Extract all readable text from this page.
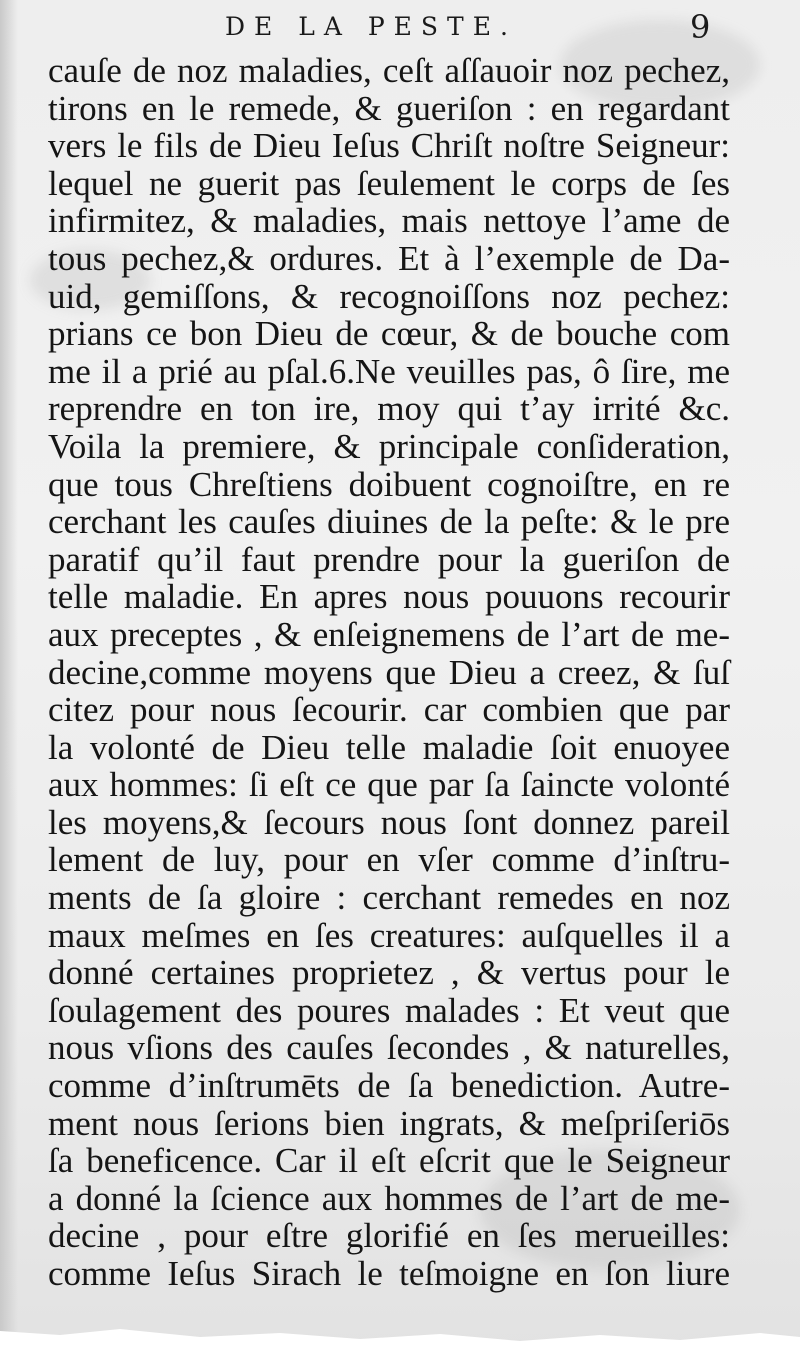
DE LA PESTE.	9
cauſe de noz maladies, ceſt aſſauoir noz pechez,
tirons en le remede, & gueriſon : en regardant
vers le fils de Dieu Ieſus Chriſt noſtre Seigneur:
lequel ne guerit pas ſeulement le corps de ſes
infirmitez, & maladies, mais nettoye l’ame de
tous pechez,& ordures. Et à l’exemple de Da-
uid, gemiſſons, & recognoiſſons noz pechez:
prians ce bon Dieu de cœur, & de bouche com
me il a prié au pſal.6.Ne veuilles pas, ô ſire, me
reprendre en ton ire, moy qui t’ay irrité &c.
Voila la premiere, & principale conſideration,
que tous Chreſtiens doibuent cognoiſtre, en re
cerchant les cauſes diuines de la peſte: & le pre
paratif qu’il faut prendre pour la gueriſon de
telle maladie. En apres nous pouuons recourir
aux preceptes , & enſeignemens de l’art de me-
decine,comme moyens que Dieu a creez, & ſuſ
citez pour nous ſecourir. car combien que par
la volonté de Dieu telle maladie ſoit enuoyee
aux hommes: ſi eſt ce que par ſa ſaincte volonté
les moyens,& ſecours nous ſont donnez pareil
lement de luy, pour en vſer comme d’inſtru-
ments de ſa gloire : cerchant remedes en noz
maux meſmes en ſes creatures: auſquelles il a
donné certaines proprietez , & vertus pour le
ſoulagement des poures malades : Et veut que
nous vſions des cauſes ſecondes , & naturelles,
comme d’inſtrumēts de ſa benediction. Autre-
ment nous ſerions bien ingrats, & meſpriſeriōs
ſa beneficence. Car il eſt eſcrit que le Seigneur
a donné la ſcience aux hommes de l’art de me-
decine , pour eſtre glorifié en ſes merueilles:
comme Ieſus Sirach le teſmoigne en ſon liure
